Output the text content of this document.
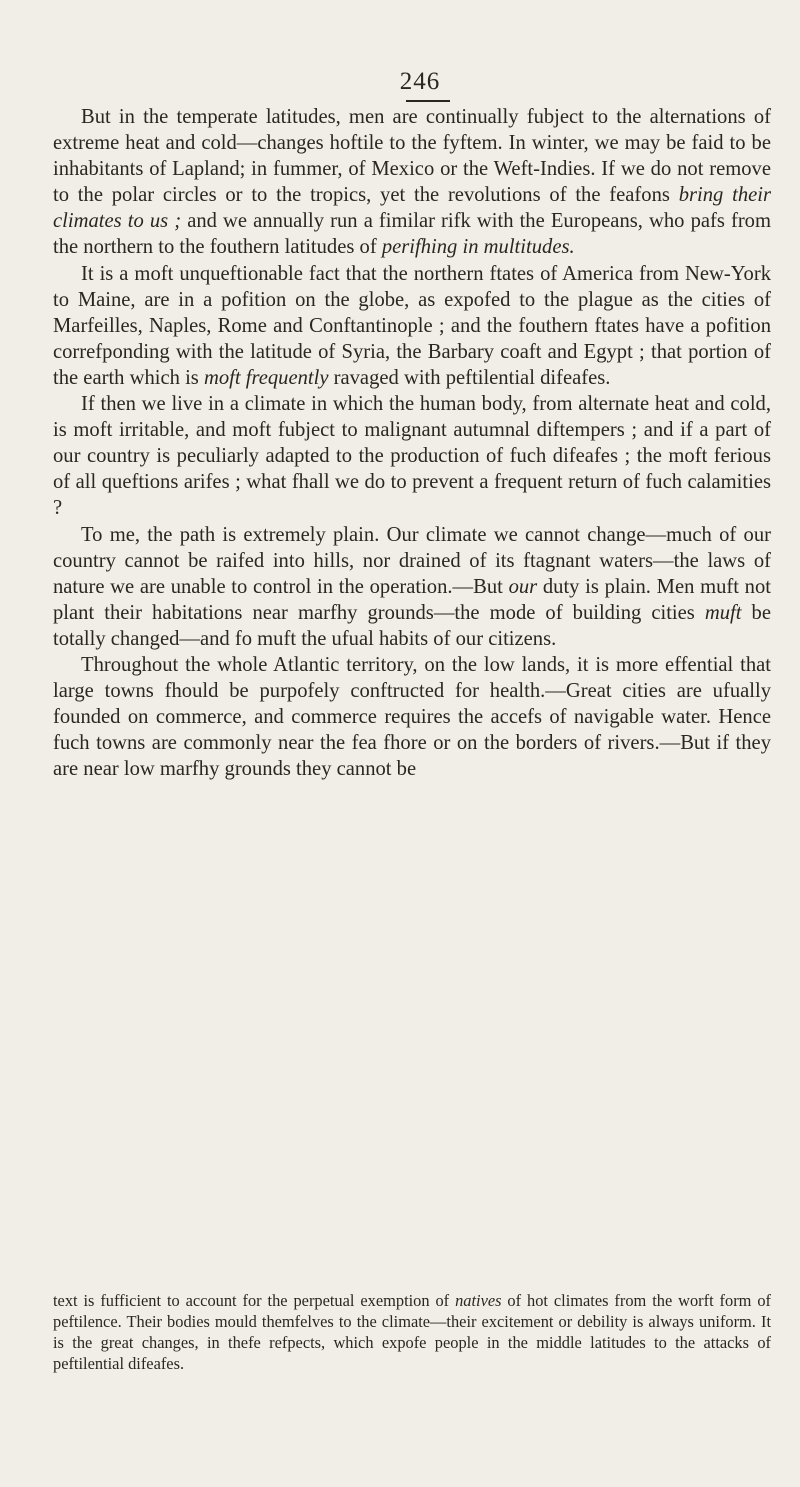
246

But in the temperate latitudes, men are continually fubject to the alternations of extreme heat and cold—changes hoftile to the fyftem. In winter, we may be faid to be inhabitants of Lapland; in fummer, of Mexico or the Weft-Indies. If we do not remove to the polar circles or to the tropics, yet the revolutions of the feafons bring their climates to us ; and we annually run a fimilar rifk with the Europeans, who pafs from the northern to the fouthern latitudes of perifhing in multitudes.

It is a moft unqueftionable fact that the northern ftates of America from New-York to Maine, are in a pofition on the globe, as expofed to the plague as the cities of Marfeilles, Naples, Rome and Conftantinople ; and the fouthern ftates have a pofition correfponding with the latitude of Syria, the Barbary coaft and Egypt ; that portion of the earth which is moft frequently ravaged with peftilential difeafes.

If then we live in a climate in which the human body, from alternate heat and cold, is moft irritable, and moft fubject to malignant autumnal diftempers ; and if a part of our country is peculiarly adapted to the production of fuch difeafes ; the moft ferious of all queftions arifes ; what fhall we do to prevent a frequent return of fuch calamities ?

To me, the path is extremely plain. Our climate we cannot change—much of our country cannot be raifed into hills, nor drained of its ftagnant waters—the laws of nature we are unable to control in the operation.—But our duty is plain. Men muft not plant their habitations near marfhy grounds—the mode of building cities muft be totally changed—and fo muft the ufual habits of our citizens.

Throughout the whole Atlantic territory, on the low lands, it is more effential that large towns fhould be purpofely conftructed for health.—Great cities are ufually founded on commerce, and commerce requires the accefs of navigable water. Hence fuch towns are commonly near the fea fhore or on the borders of rivers.—But if they are near low marfhy grounds they cannot be

text is fufficient to account for the perpetual exemption of natives of hot climates from the worft form of peftilence. Their bodies mould themfelves to the climate—their excitement or debility is always uniform. It is the great changes, in thefe refpects, which expofe people in the middle latitudes to the attacks of peftilential difeafes.
